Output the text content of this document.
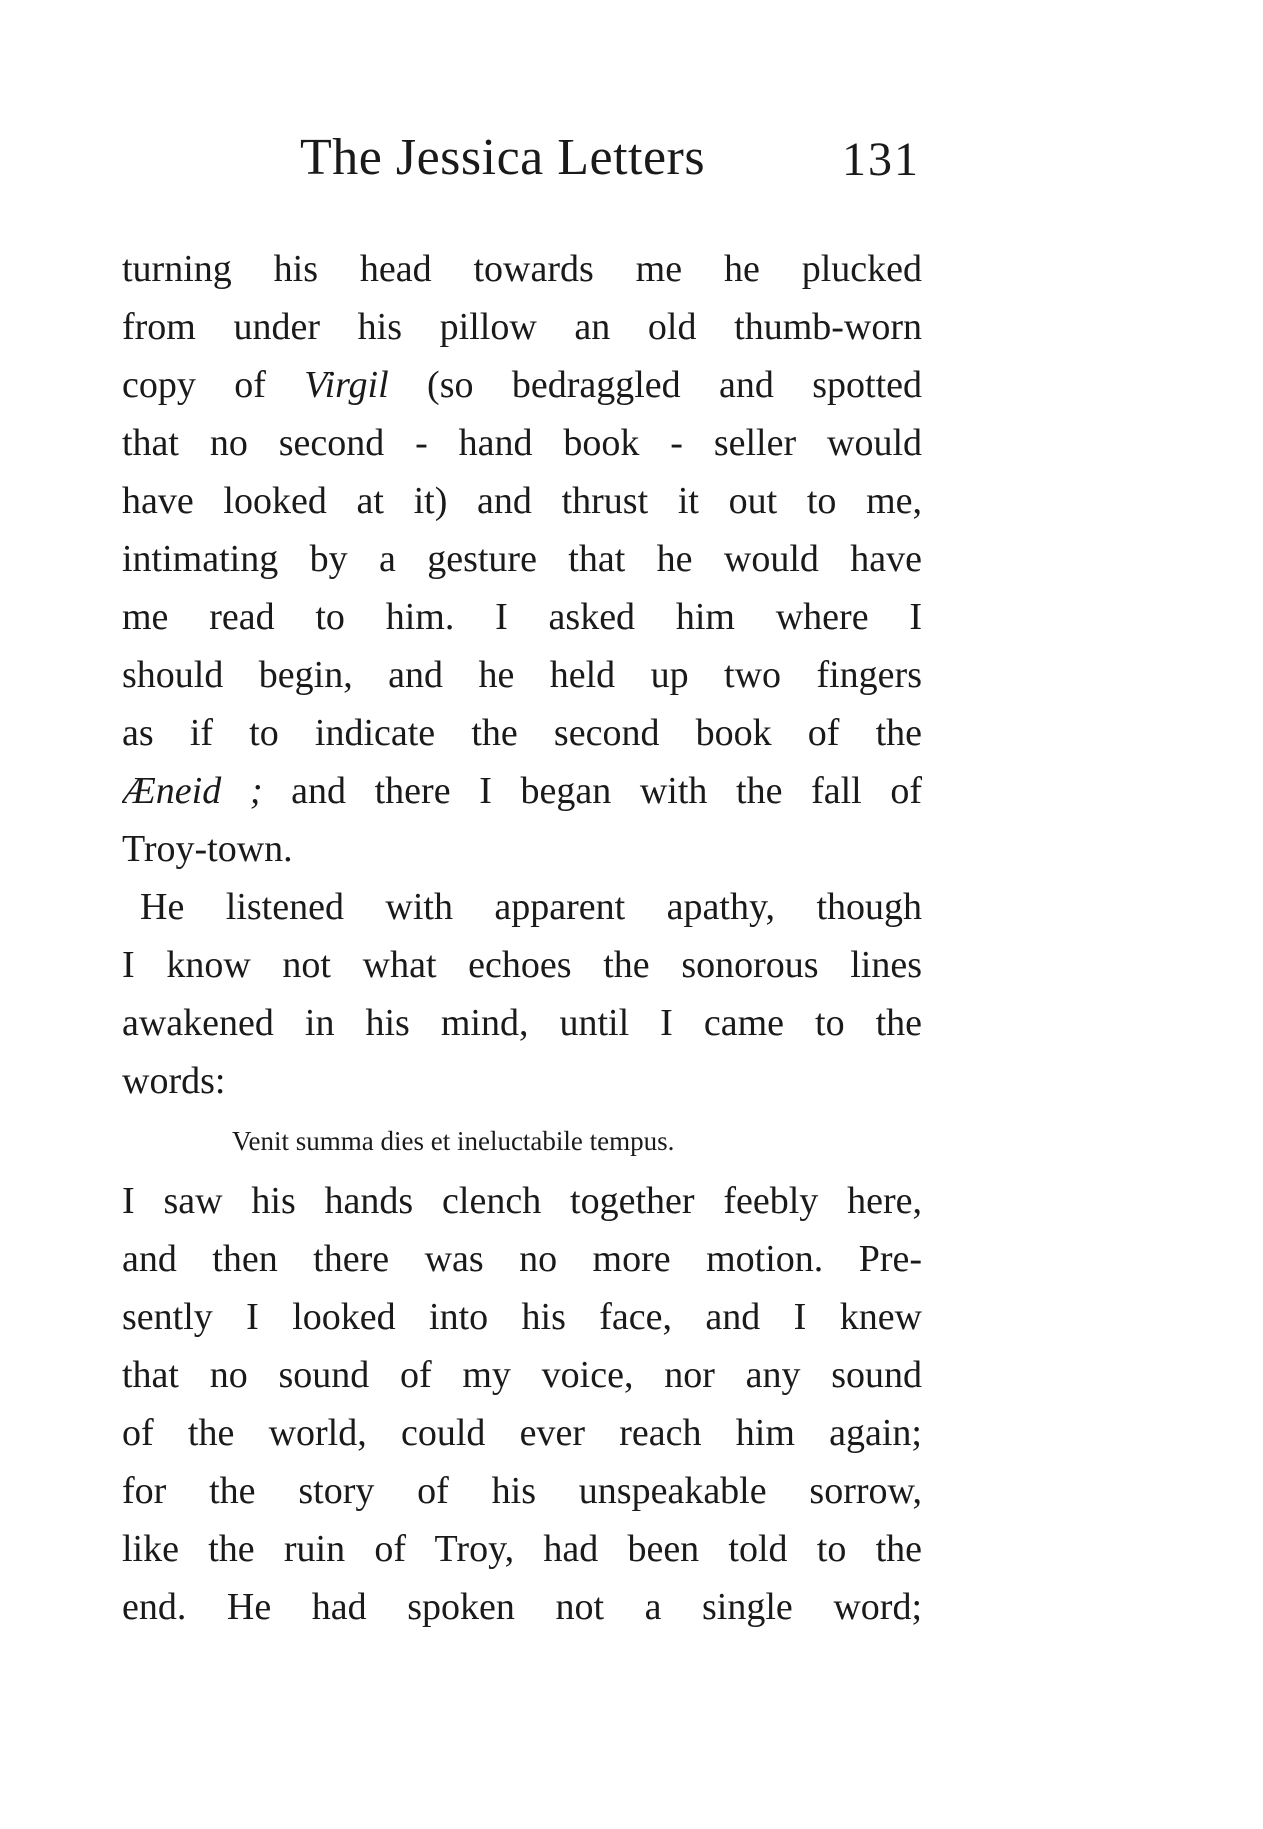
The Jessica Letters	131
turning his head towards me he plucked
from under his pillow an old thumb-worn
copy of Virgil (so bedraggled and spotted
that no second - hand book - seller would
have looked at it) and thrust it out to me,
intimating by a gesture that he would have
me read to him. I asked him where I
should begin, and he held up two fingers
as if to indicate the second book of the
Æneid ; and there I began with the fall of
Troy-town.
He listened with apparent apathy, though
I know not what echoes the sonorous lines
awakened in his mind, until I came to the
words:
Venit summa dies et ineluctabile tempus.
I saw his hands clench together feebly here,
and then there was no more motion. Pre-
sently I looked into his face, and I knew
that no sound of my voice, nor any sound
of the world, could ever reach him again;
for the story of his unspeakable sorrow,
like the ruin of Troy, had been told to the
end. He had spoken not a single word;
